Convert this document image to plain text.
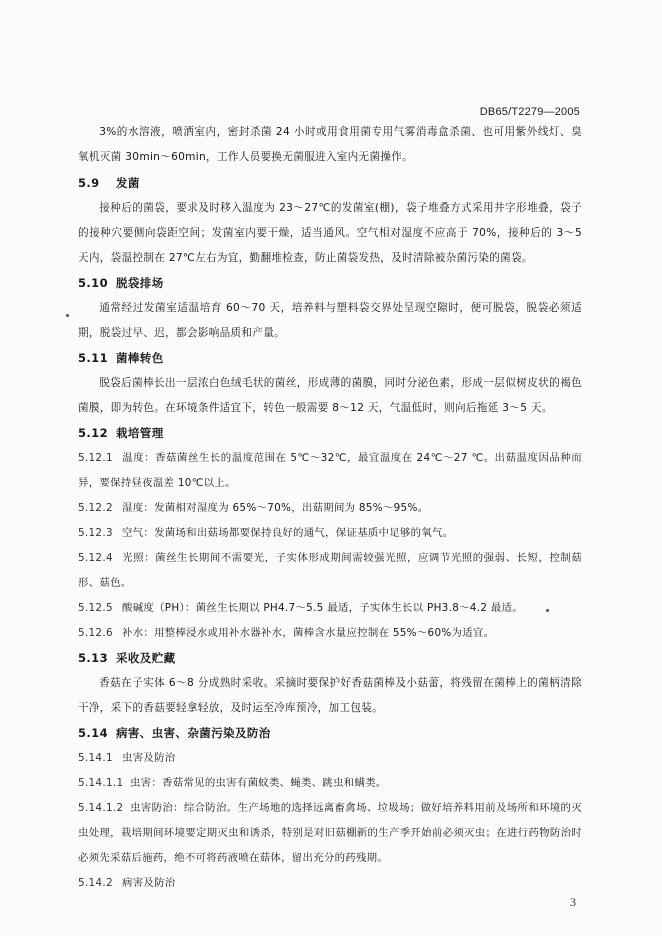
DB65/T2279—2005

3%的水溶液，喷洒室内，密封杀菌 24 小时或用食用菌专用气雾消毒盒杀菌、也可用紫外线灯、臭氧机灭菌 30min～60min，工作人员要换无菌服进入室内无菌操作。

5.9 发菌

接种后的菌袋，要求及时移入温度为 23～27℃的发菌室(棚)，袋子堆叠方式采用井字形堆叠，袋子的接种穴要侧向袋距空间；发菌室内要干燥，适当通风。空气相对湿度不应高于 70%，接种后的 3～5 天内，袋温控制在 27℃左右为宜，勤翻堆检查，防止菌袋发热，及时清除被杂菌污染的菌袋。

5.10 脱袋排场

通常经过发菌室适温培育 60～70 天，培养料与塑料袋交界处呈现空隙时，便可脱袋，脱袋必须适期，脱袋过早、迟，都会影响品质和产量。

5.11 菌棒转色

脱袋后菌棒长出一层浓白色绒毛状的菌丝，形成薄的菌膜，同时分泌色素，形成一层似树皮状的褐色菌膜，即为转色。在环境条件适宜下，转色一般需要 8～12 天，气温低时，则向后拖延 3～5 天。

5.12 栽培管理

5.12.1 温度：香菇菌丝生长的温度范围在 5℃～32℃，最宜温度在 24℃～27 ℃。出菇温度因品种而异，要保持昼夜温差 10℃以上。

5.12.2 湿度：发菌相对湿度为 65%～70%，出菇期间为 85%～95%。

5.12.3 空气：发菌场和出菇场都要保持良好的通气，保证基质中足够的氧气。

5.12.4 光照：菌丝生长期间不需要光，子实体形成期间需较强光照，应调节光照的强弱、长短，控制菇形、菇色。

5.12.5 酸碱度（PH）：菌丝生长期以 PH4.7～5.5 最适，子实体生长以 PH3.8～4.2 最适。

5.12.6 补水：用整棒浸水或用补水器补水，菌棒含水量应控制在 55%～60%为适宜。

5.13 采收及贮藏

香菇在子实体 6～8 分成熟时采收。采摘时要保护好香菇菌棒及小菇蕾，将残留在菌棒上的菌柄清除干净，采下的香菇要轻拿轻放，及时运至冷库预冷，加工包装。

5.14 病害、虫害、杂菌污染及防治

5.14.1 虫害及防治

5.14.1.1 虫害：香菇常见的虫害有菌蚊类、蝇类、跳虫和螨类。

5.14.1.2 虫害防治：综合防治。生产场地的选择远离畜禽场、垃圾场；做好培养料用前及场所和环境的灭虫处理，栽培期间环境要定期灭虫和诱杀，特别是对旧菇棚新的生产季开始前必须灭虫；在进行药物防治时必须先采菇后施药，绝不可将药液喷在菇体，留出充分的药残期。

5.14.2 病害及防治

3
